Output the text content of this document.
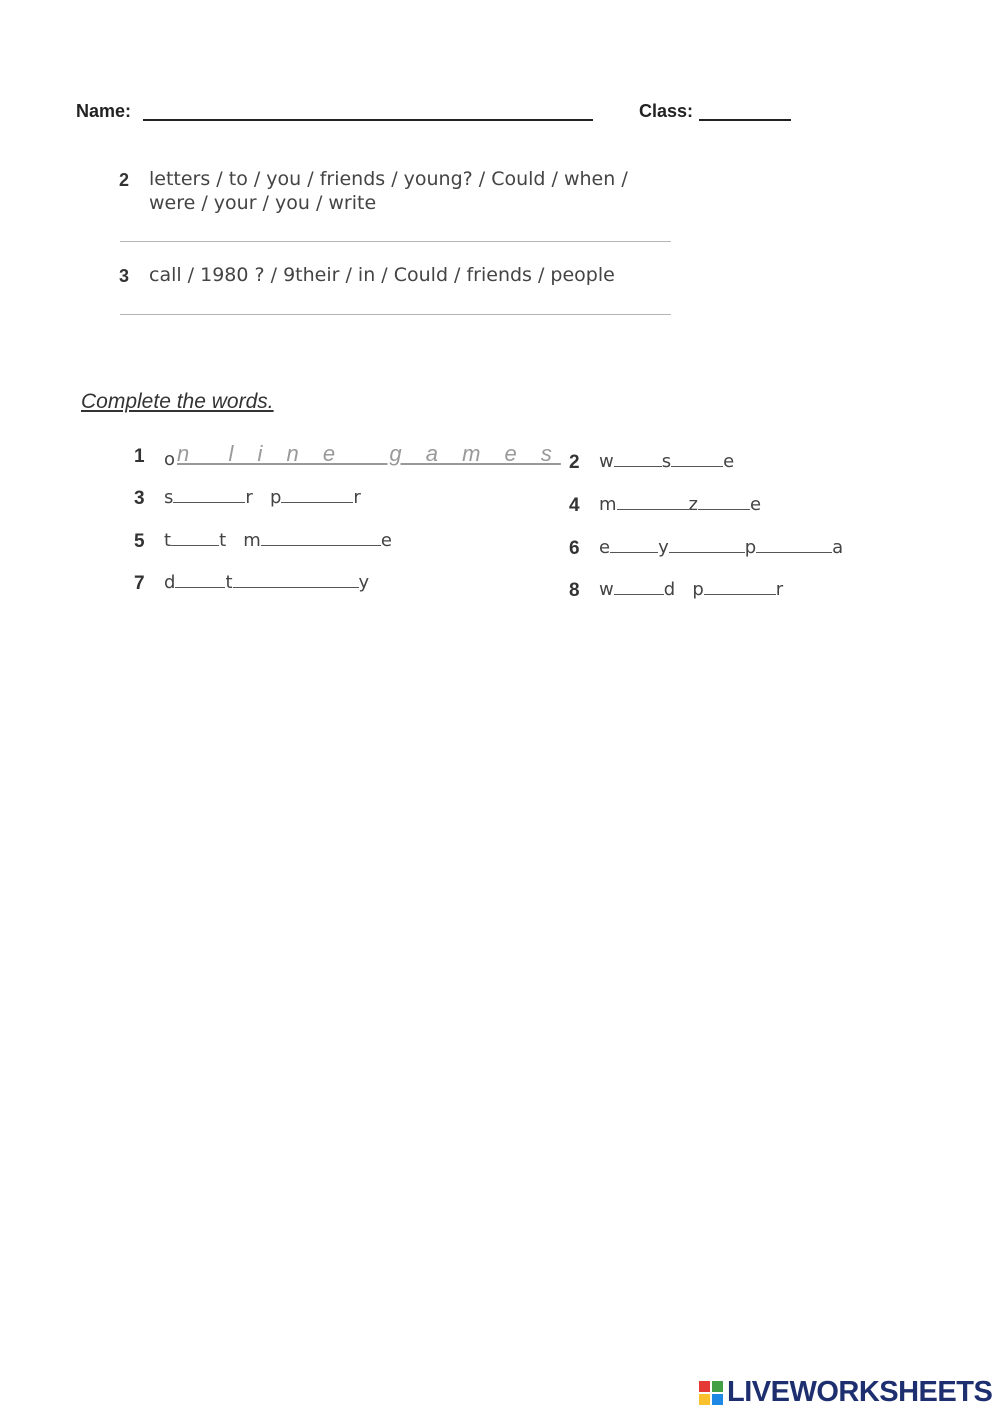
Name:	Class:
2 letters / to / you / friends / young? / Could / when /
were / your / you / write
3 call / 1980 ? / 9their / in / Could / friends / people
Complete the words.
1 on  l i n e   g a m e s 2 w	s	e
3 s	r p	r	4 m	z	e
5 t	t m	e	6 e	y	p	a
7 d	t	y	8 w	d p	r

LIVEWORKSHEETS
